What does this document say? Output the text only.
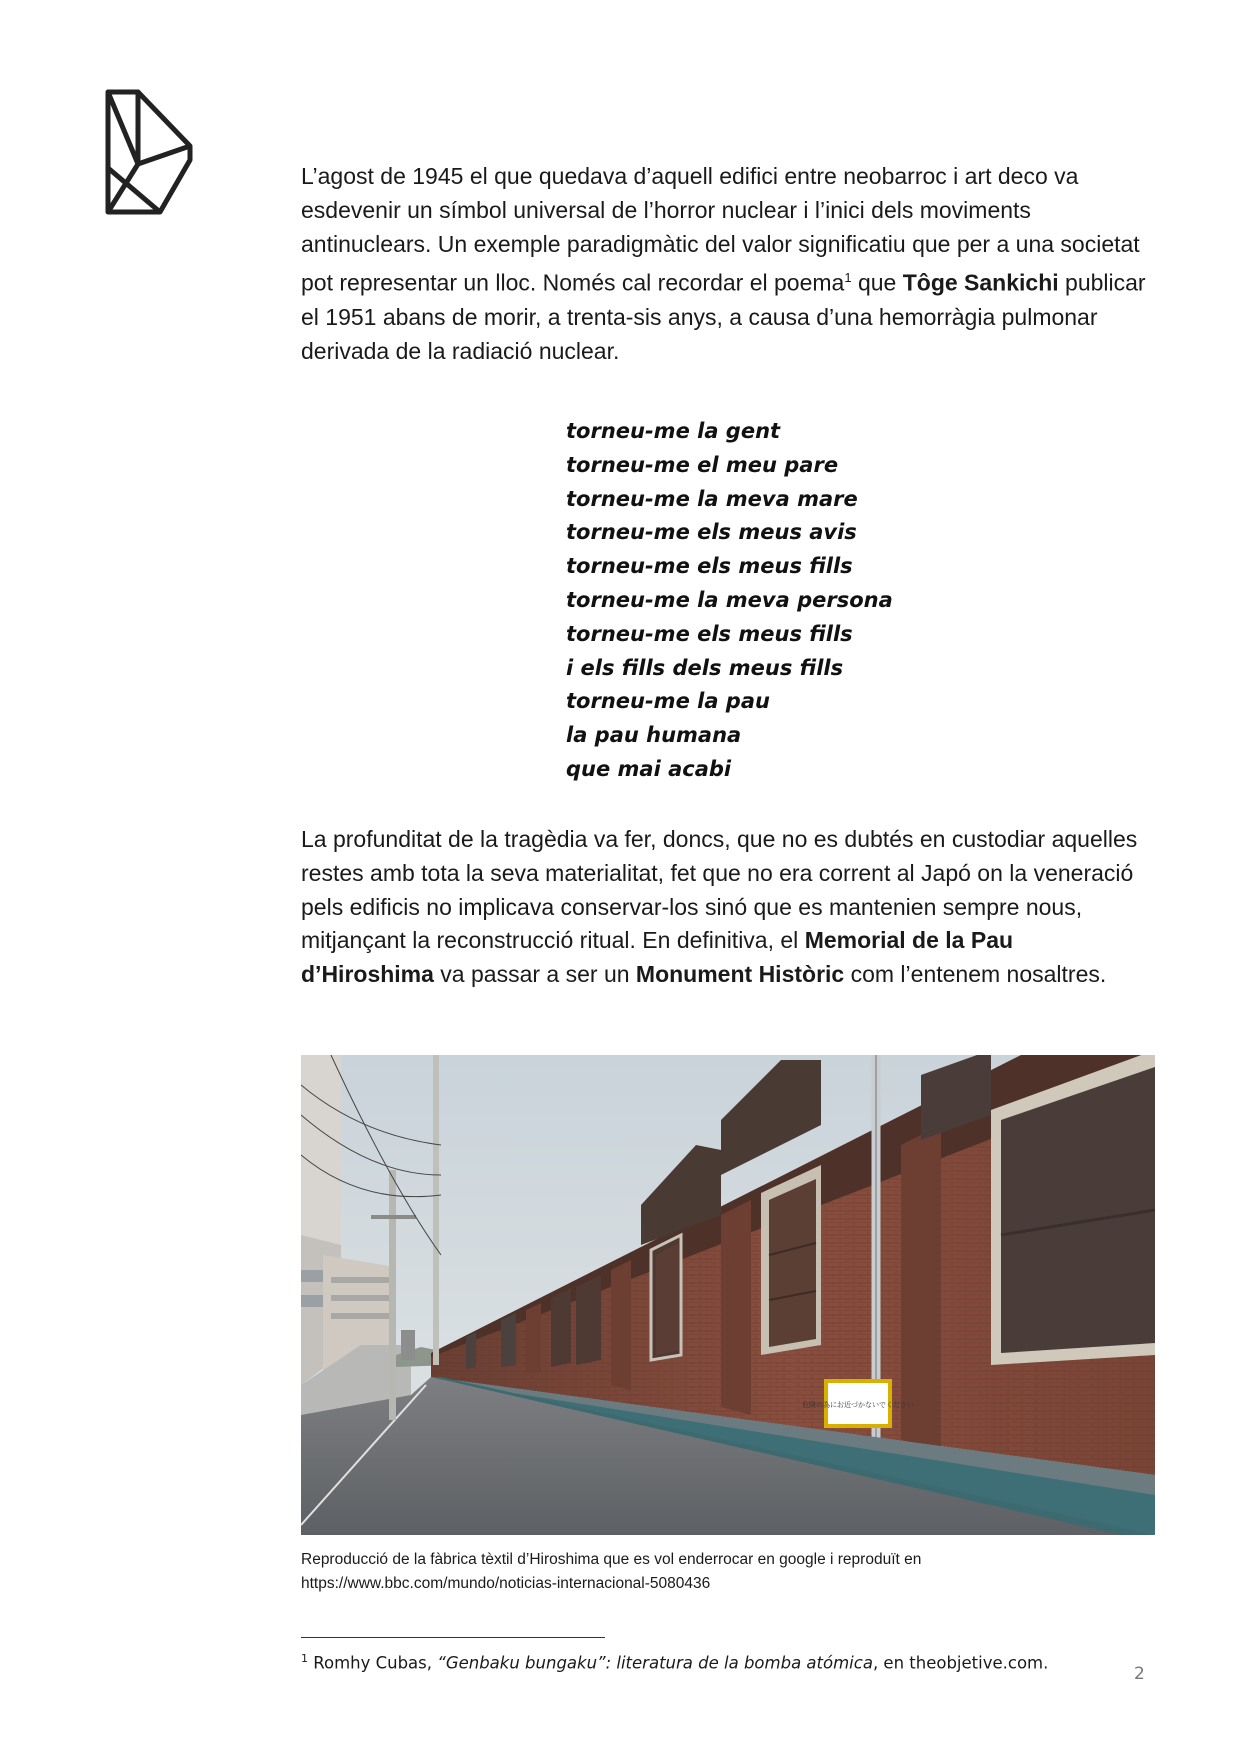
L’agost de 1945 el que quedava d’aquell edifici entre neobarroc i art deco va esdevenir un símbol universal de l’horror nuclear i l’inici dels moviments antinuclears. Un exemple paradigmàtic del valor significatiu que per a una societat pot representar un lloc. Només cal recordar el poema$^1$ que Tôge Sankichi publicar el 1951 abans de morir, a trenta-sis anys, a causa d’una hemorràgia pulmonar derivada de la radiació nuclear.

torneu-me la gent
torneu-me el meu pare
torneu-me la meva mare
torneu-me els meus avis
torneu-me els meus fills
torneu-me la meva persona
torneu-me els meus fills
i els fills dels meus fills
torneu-me la pau
la pau humana
que mai acabi

La profunditat de la tragèdia va fer, doncs, que no es dubtés en custodiar aquelles restes amb tota la seva materialitat, fet que no era corrent al Japó on la veneració pels edificis no implicava conservar-los sinó que es mantenien sempre nous, mitjançant la reconstrucció ritual. En definitiva, el Memorial de la Pau d’Hiroshima va passar a ser un Monument Històric com l’entenem nosaltres.

危険の為にお近づかないでください
Reproducció de la fàbrica tèxtil d’Hiroshima que es vol enderrocar en google i reproduït en
https://www.bbc.com/mundo/noticias-internacional-5080436
$^1$ Romhy Cubas, “Genbaku bungaku”: literatura de la bomba atómica, en theobjetive.com.
2
